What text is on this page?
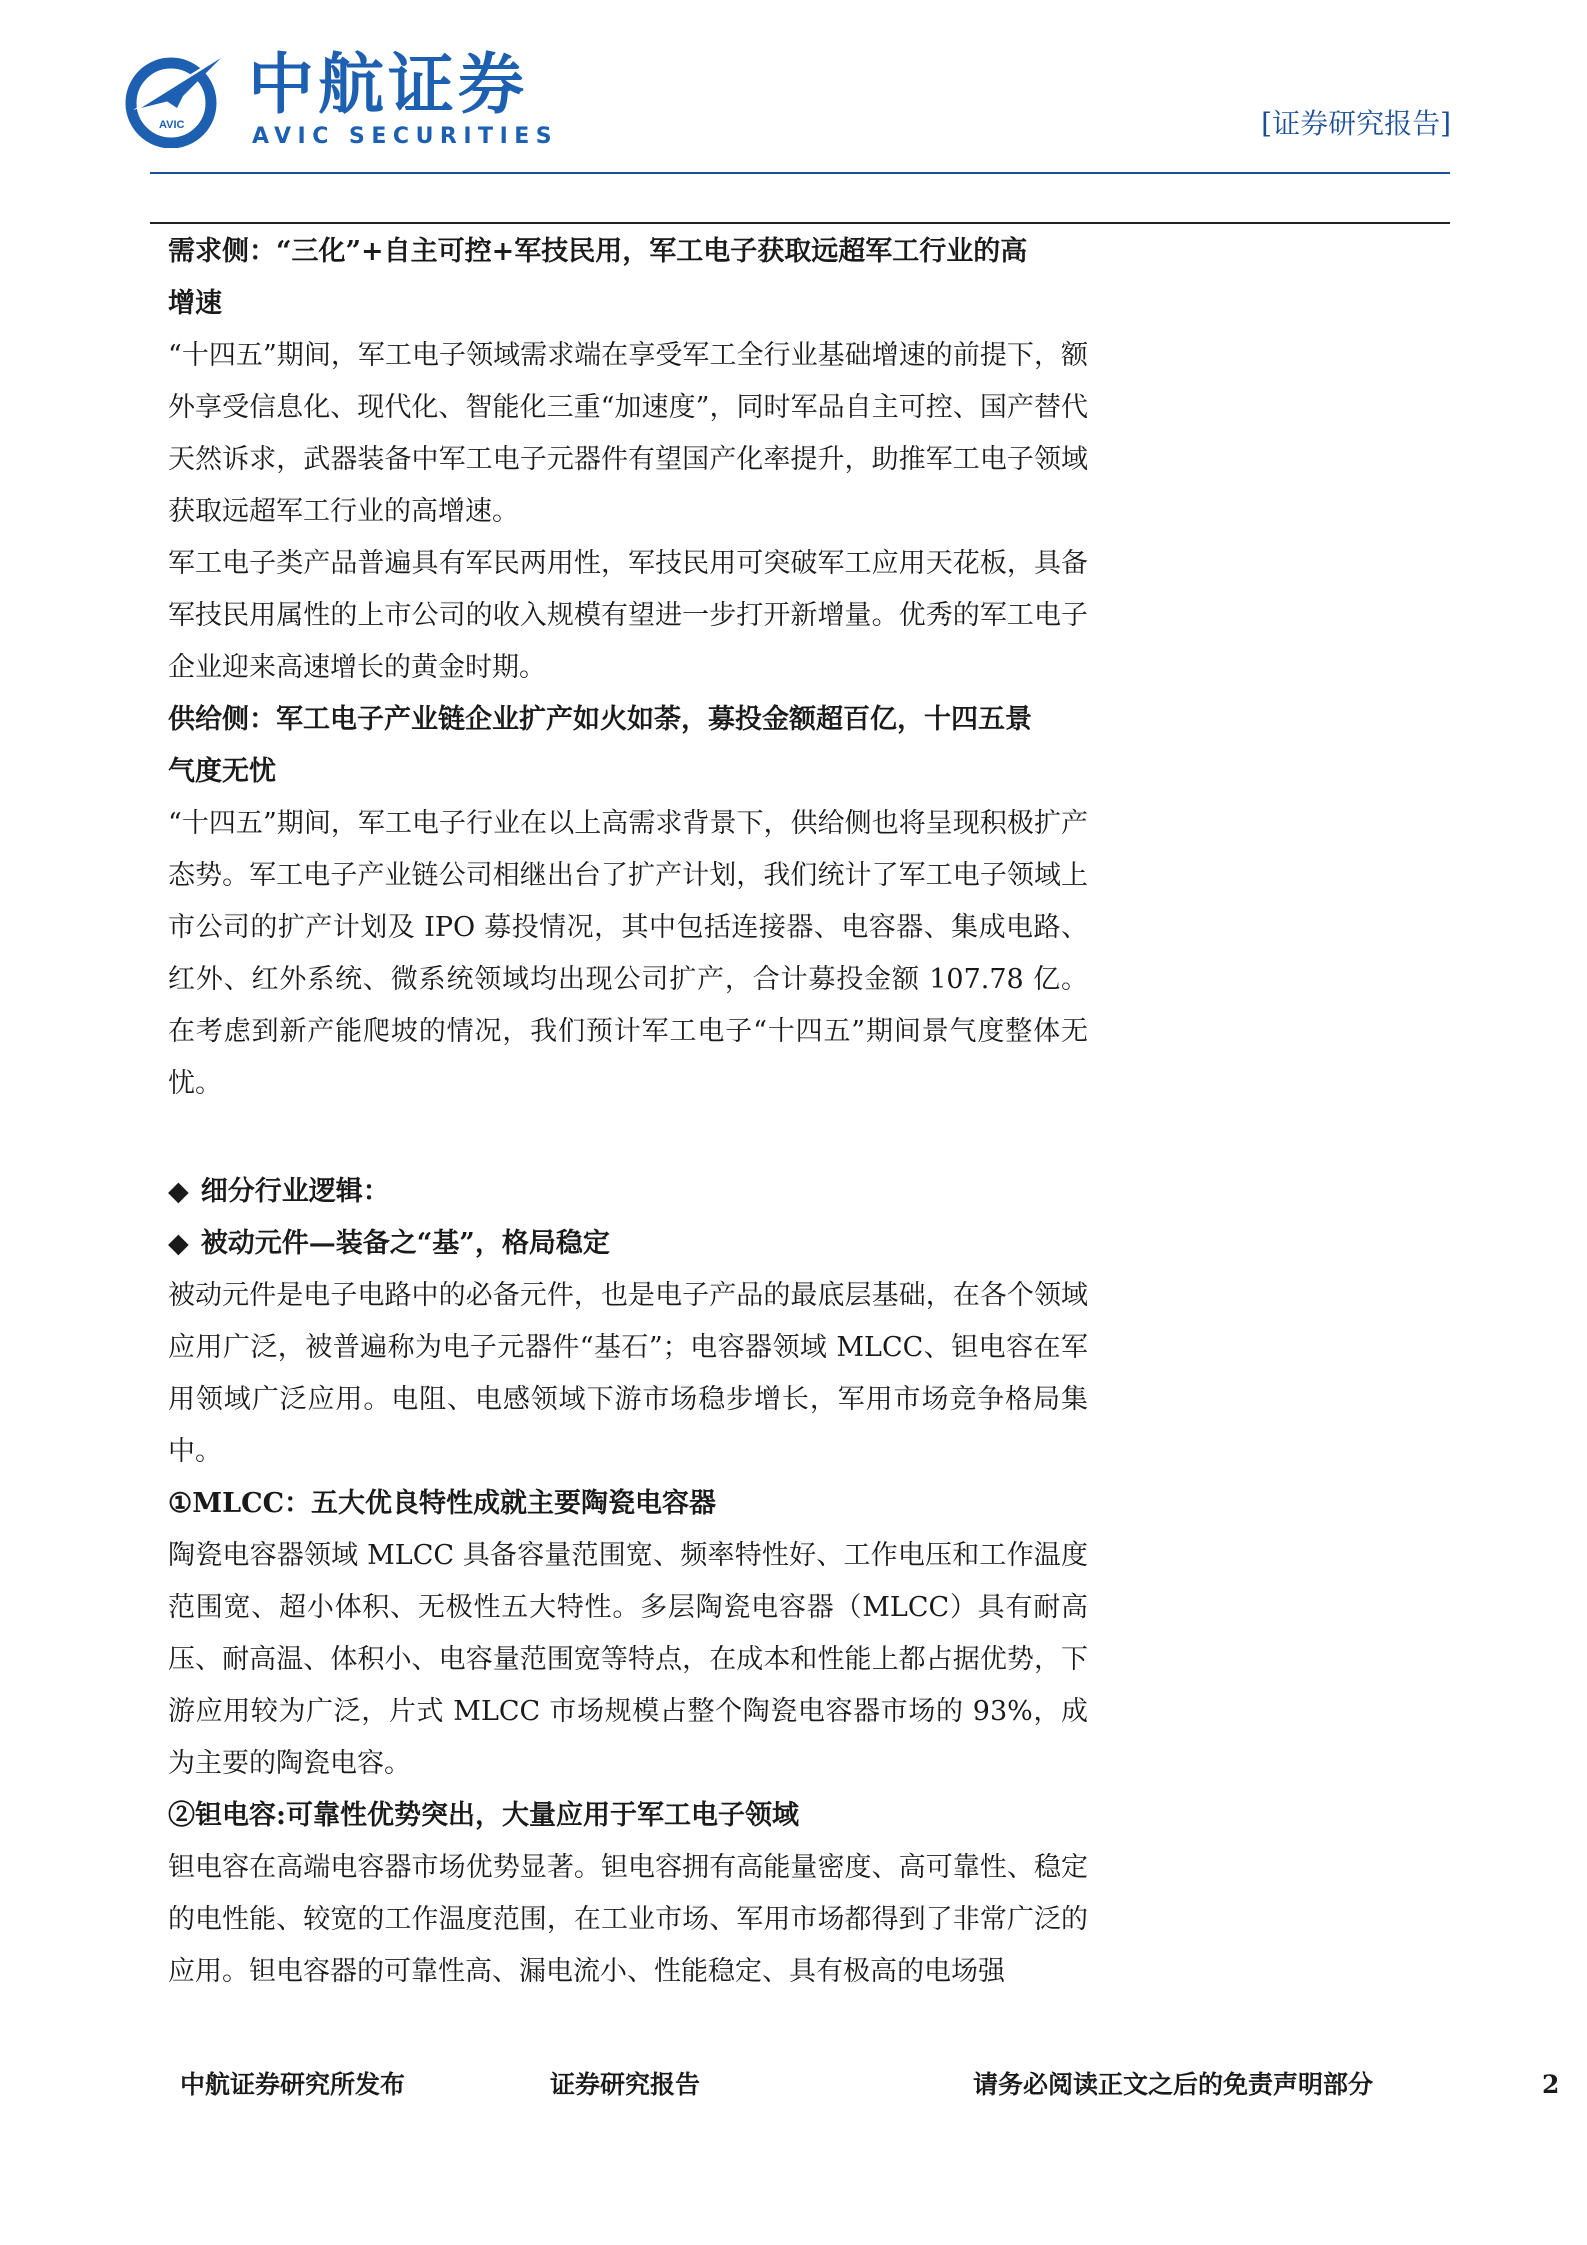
AVIC
中航证券
AVIC SECURITIES	[证券研究报告]

需求侧：“三化”+自主可控+军技民用，军工电子获取远超军工行业的高
增速

“十四五”期间，军工电子领域需求端在享受军工全行业基础增速的前提下，额外享受信息化、现代化、智能化三重“加速度”，同时军品自主可控、国产替代天然诉求，武器装备中军工电子元器件有望国产化率提升，助推军工电子领域获取远超军工行业的高增速。

军工电子类产品普遍具有军民两用性，军技民用可突破军工应用天花板，具备军技民用属性的上市公司的收入规模有望进一步打开新增量。优秀的军工电子企业迎来高速增长的黄金时期。

供给侧：军工电子产业链企业扩产如火如荼，募投金额超百亿，十四五景
气度无忧

“十四五”期间，军工电子行业在以上高需求背景下，供给侧也将呈现积极扩产态势。军工电子产业链公司相继出台了扩产计划，我们统计了军工电子领域上市公司的扩产计划及 IPO 募投情况，其中包括连接器、电容器、集成电路、红外、红外系统、微系统领域均出现公司扩产，合计募投金额 107.78 亿。在考虑到新产能爬坡的情况，我们预计军工电子“十四五”期间景气度整体无忧。

◆ 细分行业逻辑：

◆ 被动元件—装备之“基”，格局稳定

被动元件是电子电路中的必备元件，也是电子产品的最底层基础，在各个领域应用广泛，被普遍称为电子元器件“基石”；电容器领域 MLCC、钽电容在军用领域广泛应用。电阻、电感领域下游市场稳步增长，军用市场竞争格局集中。

①MLCC：五大优良特性成就主要陶瓷电容器

陶瓷电容器领域 MLCC 具备容量范围宽、频率特性好、工作电压和工作温度范围宽、超小体积、无极性五大特性。多层陶瓷电容器（MLCC）具有耐高压、耐高温、体积小、电容量范围宽等特点，在成本和性能上都占据优势，下游应用较为广泛，片式 MLCC 市场规模占整个陶瓷电容器市场的 93%，成为主要的陶瓷电容。

②钽电容:可靠性优势突出，大量应用于军工电子领域

钽电容在高端电容器市场优势显著。钽电容拥有高能量密度、高可靠性、稳定的电性能、较宽的工作温度范围，在工业市场、军用市场都得到了非常广泛的应用。钽电容器的可靠性高、漏电流小、性能稳定、具有极高的电场强

中航证券研究所发布	证券研究报告	请务必阅读正文之后的免责声明部分	2
